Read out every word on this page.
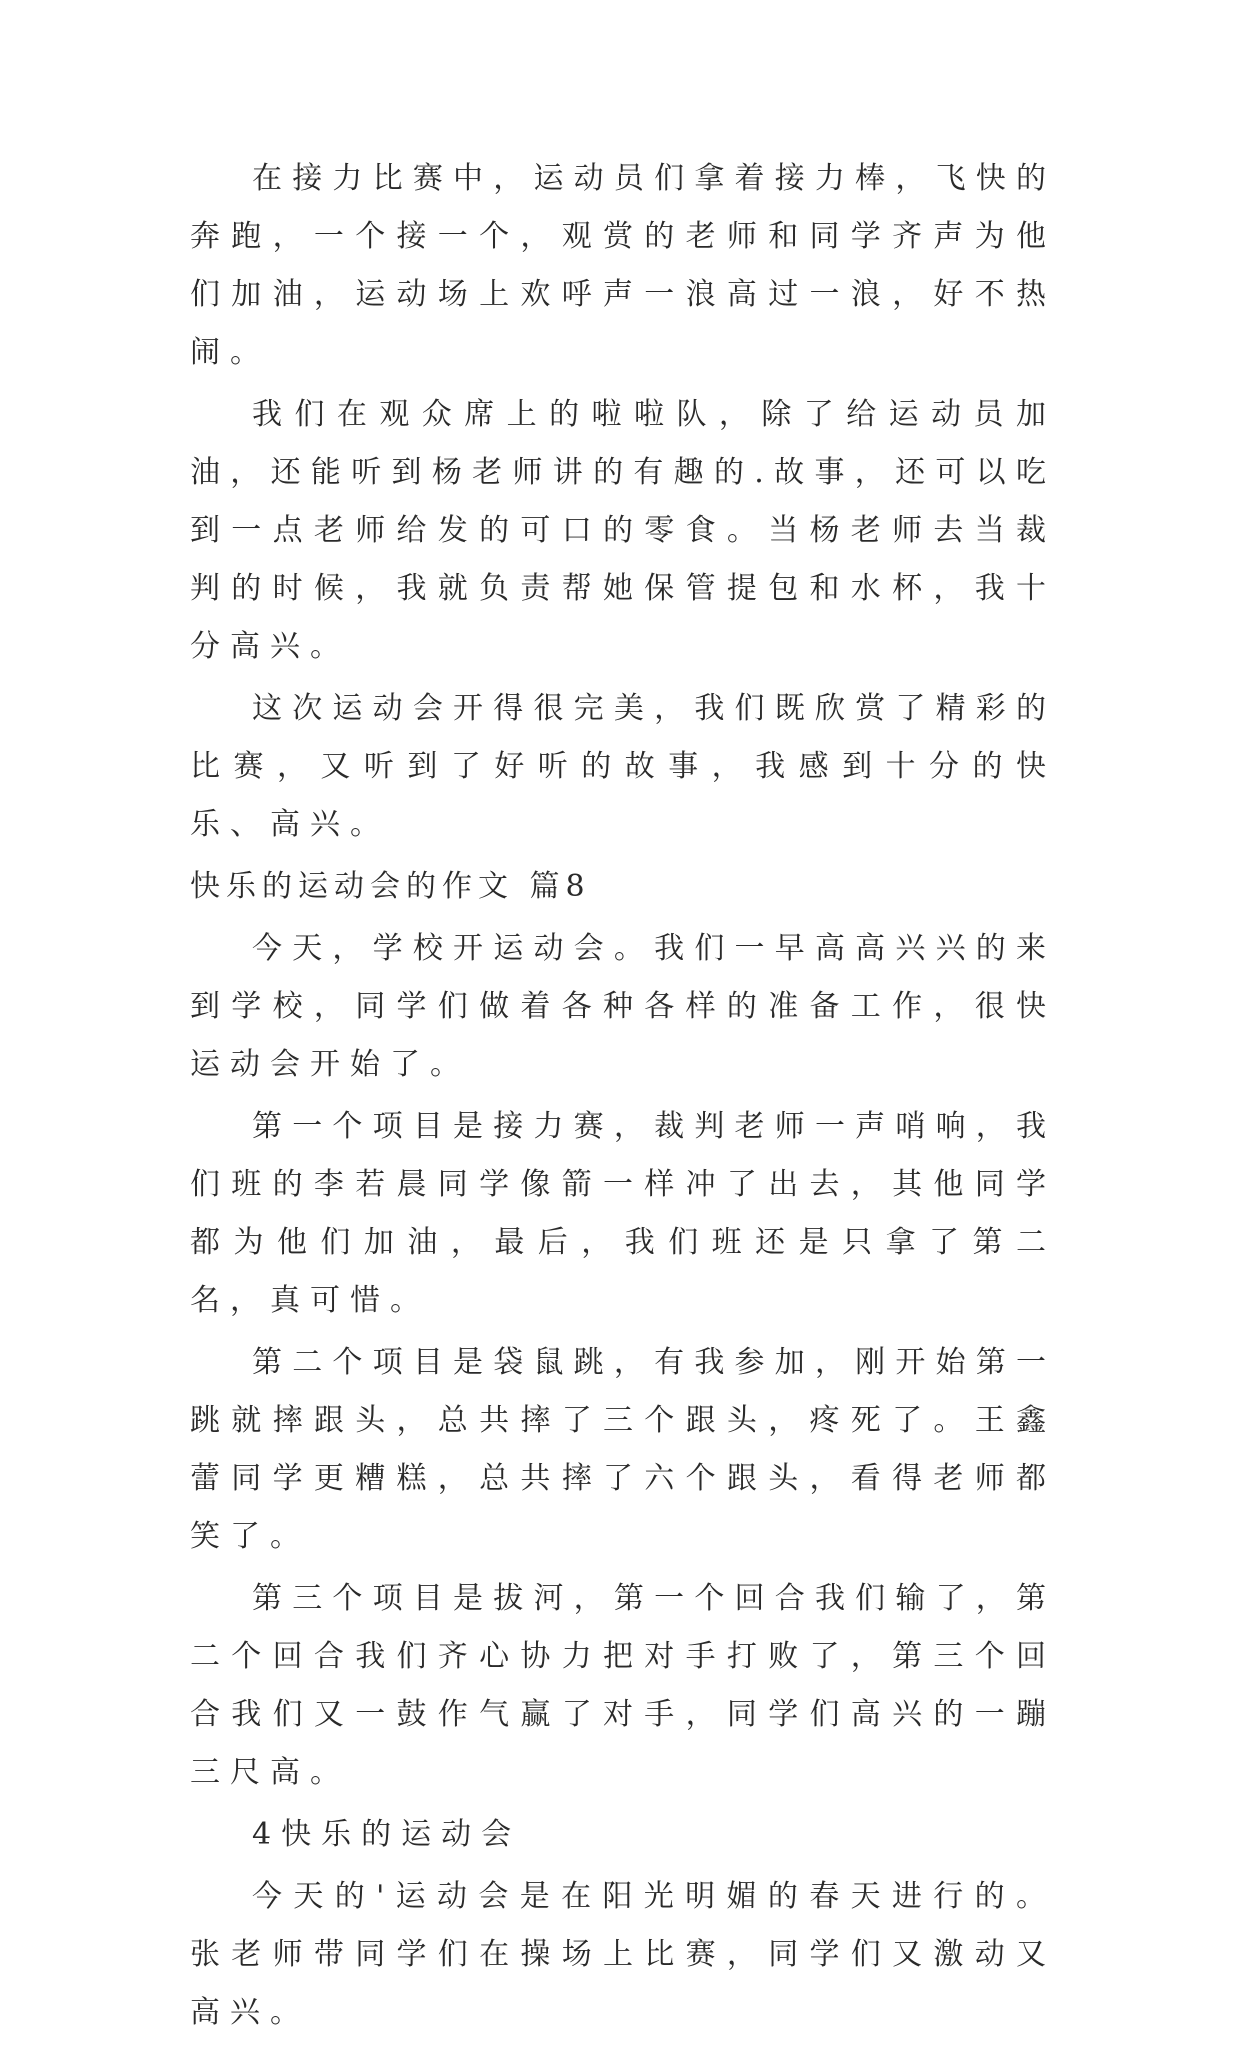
在接力比赛中，运动员们拿着接力棒，飞快的奔跑，一个接一个，观赏的老师和同学齐声为他们加油，运动场上欢呼声一浪高过一浪，好不热闹。

我们在观众席上的啦啦队，除了给运动员加油，还能听到杨老师讲的有趣的.故事，还可以吃到一点老师给发的可口的零食。当杨老师去当裁判的时候，我就负责帮她保管提包和水杯，我十分高兴。

这次运动会开得很完美，我们既欣赏了精彩的比赛，又听到了好听的故事，我感到十分的快乐、高兴。

快乐的运动会的作文 篇8

今天，学校开运动会。我们一早高高兴兴的来到学校，同学们做着各种各样的准备工作，很快运动会开始了。

第一个项目是接力赛，裁判老师一声哨响，我们班的李若晨同学像箭一样冲了出去，其他同学都为他们加油，最后，我们班还是只拿了第二名，真可惜。

第二个项目是袋鼠跳，有我参加，刚开始第一跳就摔跟头，总共摔了三个跟头，疼死了。王鑫蕾同学更糟糕，总共摔了六个跟头，看得老师都笑了。

第三个项目是拔河，第一个回合我们输了，第二个回合我们齐心协力把对手打败了，第三个回合我们又一鼓作气赢了对手，同学们高兴的一蹦三尺高。

4快乐的运动会

今天的'运动会是在阳光明媚的春天进行的。张老师带同学们在操场上比赛，同学们又激动又高兴。
